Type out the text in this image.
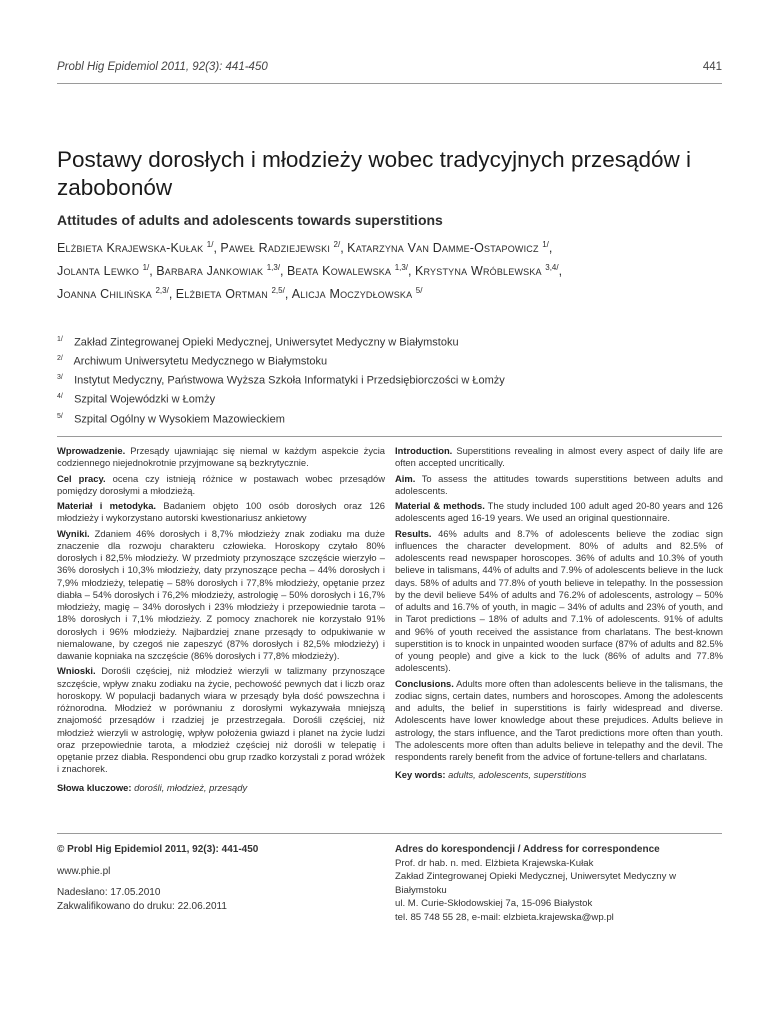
Probl Hig Epidemiol 2011, 92(3): 441-450	441
Postawy dorosłych i młodzieży wobec tradycyjnych przesądów i zabobonów
Attitudes of adults and adolescents towards superstitions
Elżbieta Krajewska-Kułak $^{1/}$, Paweł Radziejewski $^{2/}$, Katarzyna Van Damme-Ostapowicz $^{1/}$,
Jolanta Lewko $^{1/}$, Barbara Jankowiak $^{1,3/}$, Beata Kowalewska $^{1,3/}$, Krystyna Wróblewska $^{3,4/}$,
Joanna Chilińska $^{2,3/}$, Elżbieta Ortman $^{2,5/}$, Alicja Moczydłowska $^{5/}$
$^{1/}$ Zakład Zintegrowanej Opieki Medycznej, Uniwersytet Medyczny w Białymstoku
$^{2/}$ Archiwum Uniwersytetu Medycznego w Białymstoku
$^{3/}$ Instytut Medyczny, Państwowa Wyższa Szkoła Informatyki i Przedsiębiorczości w Łomży
$^{4/}$ Szpital Wojewódzki w Łomży
$^{5/}$ Szpital Ogólny w Wysokiem Mazowieckiem

Wprowadzenie. Przesądy ujawniając się niemal w każdym aspekcie życia codziennego niejednokrotnie przyjmowane są bezkrytycznie.

Cel pracy. ocena czy istnieją różnice w postawach wobec przesądów pomiędzy dorosłymi a młodzieżą.

Materiał i metodyka. Badaniem objęto 100 osób dorosłych oraz 126 młodzieży i wykorzystano autorski kwestionariusz ankietowy

Wyniki. Zdaniem 46% dorosłych i 8,7% młodzieży znak zodiaku ma duże znaczenie dla rozwoju charakteru człowieka. Horoskopy czytało 80% dorosłych i 82,5% młodzieży. W przedmioty przynoszące szczęście wierzyło – 36% dorosłych i 10,3% młodzieży, daty przynoszące pecha – 44% dorosłych i 7,9% młodzieży, telepatię – 58% dorosłych i 77,8% młodzieży, opętanie przez diabła – 54% dorosłych i 76,2% młodzieży, astrologię – 50% dorosłych i 16,7% młodzieży, magię – 34% dorosłych i 23% młodzieży i przepowiednie tarota – 18% dorosłych i 7,1% młodzieży. Z pomocy znachorek nie korzystało 91% dorosłych i 96% młodzieży. Najbardziej znane przesądy to odpukiwanie w niemalowane, by czegoś nie zapeszyć (87% dorosłych i 82,5% młodzieży) i dawanie kopniaka na szczęście (86% dorosłych i 77,8% młodzieży).

Wnioski. Dorośli częściej, niż młodzież wierzyli w talizmany przynoszące szczęście, wpływ znaku zodiaku na życie, pechowość pewnych dat i liczb oraz horoskopy. W populacji badanych wiara w przesądy była dość powszechna i różnorodna. Młodzież w porównaniu z dorosłymi wykazywała mniejszą znajomość przesądów i rzadziej je przestrzegała. Dorośli częściej, niż młodzież wierzyli w astrologię, wpływ położenia gwiazd i planet na życie ludzi oraz przepowiednie tarota, a młodzież częściej niż dorośli w telepatię i opętanie przez diabła. Respondenci obu grup rzadko korzystali z porad wróżek i znachorek.

Słowa kluczowe: dorośli, młodzież, przesądy

Introduction. Superstitions revealing in almost every aspect of daily life are often accepted uncritically.

Aim. To assess the attitudes towards superstitions between adults and adolescents.

Material & methods. The study included 100 adult aged 20-80 years and 126 adolescents aged 16-19 years. We used an original questionnaire.

Results. 46% adults and 8.7% of adolescents believe the zodiac sign influences the character development. 80% of adults and 82.5% of adolescents read newspaper horoscopes. 36% of adults and 10.3% of youth believe in talismans, 44% of adults and 7.9% of adolescents believe in the luck days. 58% of adults and 77.8% of youth believe in telepathy. In the possession by the devil believe 54% of adults and 76.2% of adolescents, astrology – 50% of adults and 16.7% of youth, in magic – 34% of adults and 23% of youth, and in Tarot predictions – 18% of adults and 7.1% of adolescents. 91% of adults and 96% of youth received the assistance from charlatans. The best-known superstition is to knock in unpainted wooden surface (87% of adults and 82.5% of young people) and give a kick to the luck (86% of adults and 77.8% adolescents).

Conclusions. Adults more often than adolescents believe in the talismans, the zodiac signs, certain dates, numbers and horoscopes. Among the adolescents and adults, the belief in superstitions is fairly widespread and diverse. Adolescents have lower knowledge about these prejudices. Adults believe in astrology, the stars influence, and the Tarot predictions more often than youth. The adolescents more often than adults believe in telepathy and the devil. The respondents rarely benefit from the advice of fortune-tellers and charlatans.

Key words: adults, adolescents, superstitions

© Probl Hig Epidemiol 2011, 92(3): 441-450
www.phie.pl
Nadesłano: 17.05.2010
Zakwalifikowano do druku: 22.06.2011
Adres do korespondencji / Address for correspondence
Prof. dr hab. n. med. Elżbieta Krajewska-Kułak
Zakład Zintegrowanej Opieki Medycznej, Uniwersytet Medyczny w Białymstoku
ul. M. Curie-Skłodowskiej 7a, 15-096 Białystok
tel. 85 748 55 28, e-mail: elzbieta.krajewska@wp.pl
